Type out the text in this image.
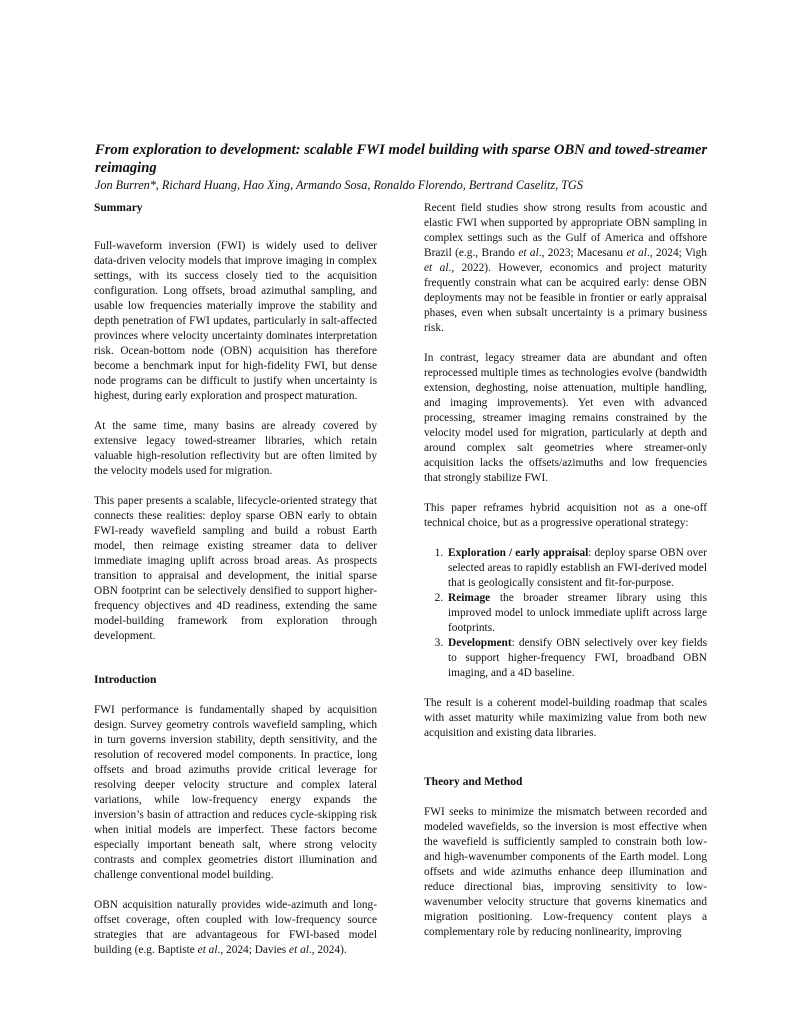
From exploration to development: scalable FWI model building with sparse OBN and towed-streamer reimaging
Jon Burren*, Richard Huang, Hao Xing, Armando Sosa, Ronaldo Florendo, Bertrand Caselitz, TGS
Summary

Full-waveform inversion (FWI) is widely used to deliver data-driven velocity models that improve imaging in complex settings, with its success closely tied to the acquisition configuration. Long offsets, broad azimuthal sampling, and usable low frequencies materially improve the stability and depth penetration of FWI updates, particularly in salt-affected provinces where velocity uncertainty dominates interpretation risk. Ocean-bottom node (OBN) acquisition has therefore become a benchmark input for high-fidelity FWI, but dense node programs can be difficult to justify when uncertainty is highest, during early exploration and prospect maturation.

At the same time, many basins are already covered by extensive legacy towed-streamer libraries, which retain valuable high-resolution reflectivity but are often limited by the velocity models used for migration.

This paper presents a scalable, lifecycle-oriented strategy that connects these realities: deploy sparse OBN early to obtain FWI-ready wavefield sampling and build a robust Earth model, then reimage existing streamer data to deliver immediate imaging uplift across broad areas. As prospects transition to appraisal and development, the initial sparse OBN footprint can be selectively densified to support higher-frequency objectives and 4D readiness, extending the same model-building framework from exploration through development.

Introduction

FWI performance is fundamentally shaped by acquisition design. Survey geometry controls wavefield sampling, which in turn governs inversion stability, depth sensitivity, and the resolution of recovered model components. In practice, long offsets and broad azimuths provide critical leverage for resolving deeper velocity structure and complex lateral variations, while low-frequency energy expands the inversion’s basin of attraction and reduces cycle-skipping risk when initial models are imperfect. These factors become especially important beneath salt, where strong velocity contrasts and complex geometries distort illumination and challenge conventional model building.

OBN acquisition naturally provides wide-azimuth and long-offset coverage, often coupled with low-frequency source strategies that are advantageous for FWI-based model building (e.g. Baptiste et al., 2024; Davies et al., 2024).

Recent field studies show strong results from acoustic and elastic FWI when supported by appropriate OBN sampling in complex settings such as the Gulf of America and offshore Brazil (e.g., Brando et al., 2023; Macesanu et al., 2024; Vigh et al., 2022). However, economics and project maturity frequently constrain what can be acquired early: dense OBN deployments may not be feasible in frontier or early appraisal phases, even when subsalt uncertainty is a primary business risk.

In contrast, legacy streamer data are abundant and often reprocessed multiple times as technologies evolve (bandwidth extension, deghosting, noise attenuation, multiple handling, and imaging improvements). Yet even with advanced processing, streamer imaging remains constrained by the velocity model used for migration, particularly at depth and around complex salt geometries where streamer-only acquisition lacks the offsets/azimuths and low frequencies that strongly stabilize FWI.

This paper reframes hybrid acquisition not as a one-off technical choice, but as a progressive operational strategy:

1. Exploration / early appraisal: deploy sparse OBN over selected areas to rapidly establish an FWI-derived model that is geologically consistent and fit-for-purpose.
2. Reimage the broader streamer library using this improved model to unlock immediate uplift across large footprints.
3. Development: densify OBN selectively over key fields to support higher-frequency FWI, broadband OBN imaging, and a 4D baseline.

The result is a coherent model-building roadmap that scales with asset maturity while maximizing value from both new acquisition and existing data libraries.

Theory and Method

FWI seeks to minimize the mismatch between recorded and modeled wavefields, so the inversion is most effective when the wavefield is sufficiently sampled to constrain both low- and high-wavenumber components of the Earth model. Long offsets and wide azimuths enhance deep illumination and reduce directional bias, improving sensitivity to low-wavenumber velocity structure that governs kinematics and migration positioning. Low-frequency content plays a complementary role by reducing nonlinearity, improving
